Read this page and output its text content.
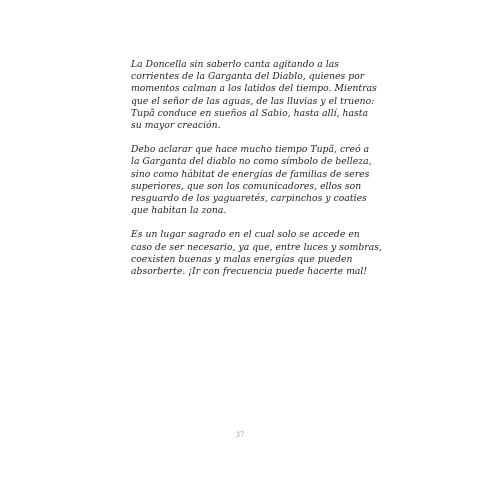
La Doncella sin saberlo canta agitando a las
corrientes de la Garganta del Diablo, quienes por
momentos calman a los latidos del tiempo. Mientras
que el señor de las aguas, de las lluvias y el trueno:
Tupã conduce en sueños al Sabio, hasta allí, hasta
su mayor creación.

Debo aclarar que hace mucho tiempo Tupã, creó a
la Garganta del diablo no como símbolo de belleza,
sino como hábitat de energías de familias de seres
superiores, que son los comunicadores, ellos son
resguardo de los yaguaretés, carpinchos y coaties
que habitan la zona.

Es un lugar sagrado en el cual solo se accede en
caso de ser necesario, ya que, entre luces y sombras,
coexisten buenas y malas energías que pueden
absorberte. ¡Ir con frecuencia puede hacerte mal!

37
